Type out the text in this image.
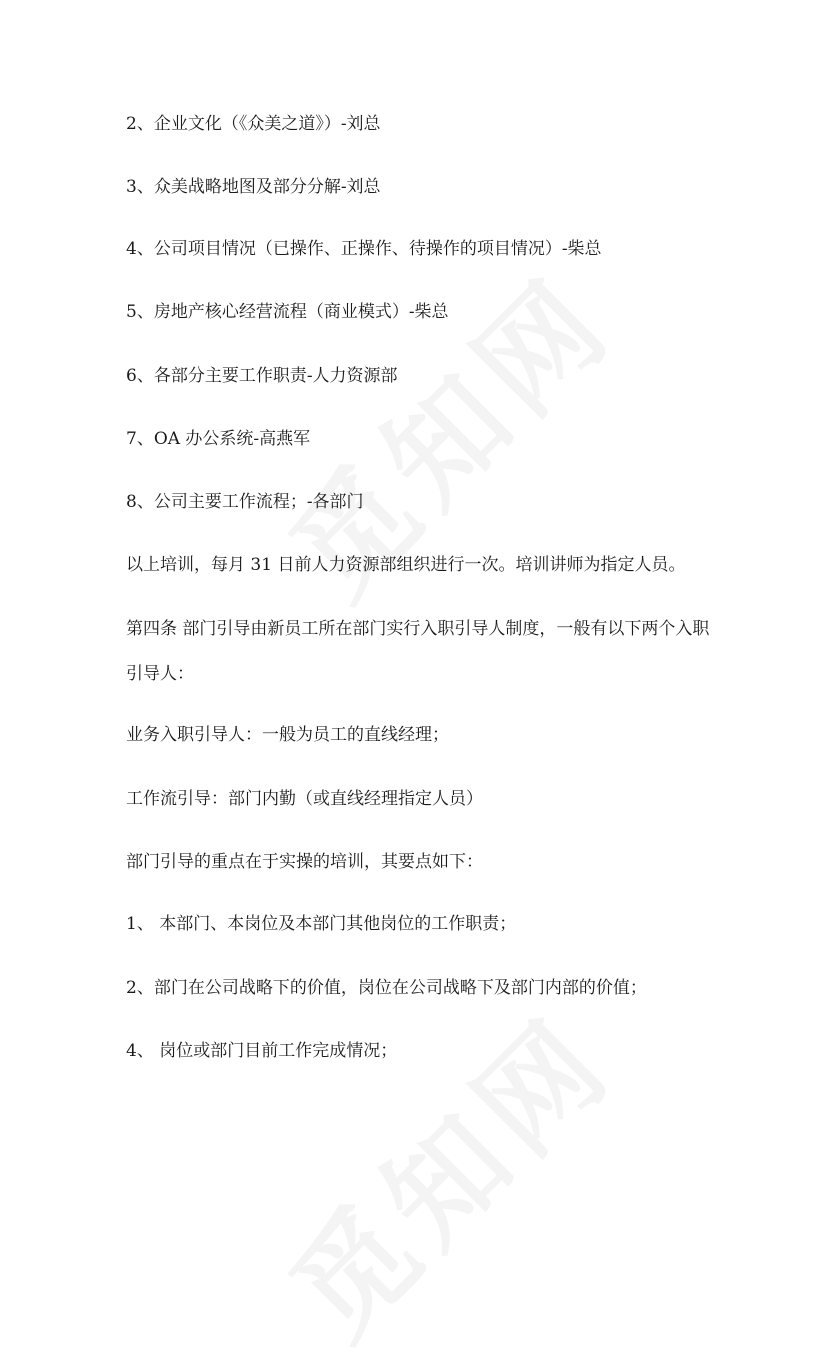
2、企业文化（《众美之道》）-刘总
3、众美战略地图及部分分解-刘总
4、公司项目情况（已操作、正操作、待操作的项目情况）-柴总
5、房地产核心经营流程（商业模式）-柴总
6、各部分主要工作职责-人力资源部
7、OA 办公系统-高燕军
8、公司主要工作流程；-各部门
以上培训，每月 31 日前人力资源部组织进行一次。培训讲师为指定人员。
第四条 部门引导由新员工所在部门实行入职引导人制度，一般有以下两个入职
引导人：
业务入职引导人：一般为员工的直线经理；
工作流引导：部门内勤（或直线经理指定人员）
部门引导的重点在于实操的培训，其要点如下：
1、 本部门、本岗位及本部门其他岗位的工作职责；
2、部门在公司战略下的价值，岗位在公司战略下及部门内部的价值；
4、 岗位或部门目前工作完成情况；
